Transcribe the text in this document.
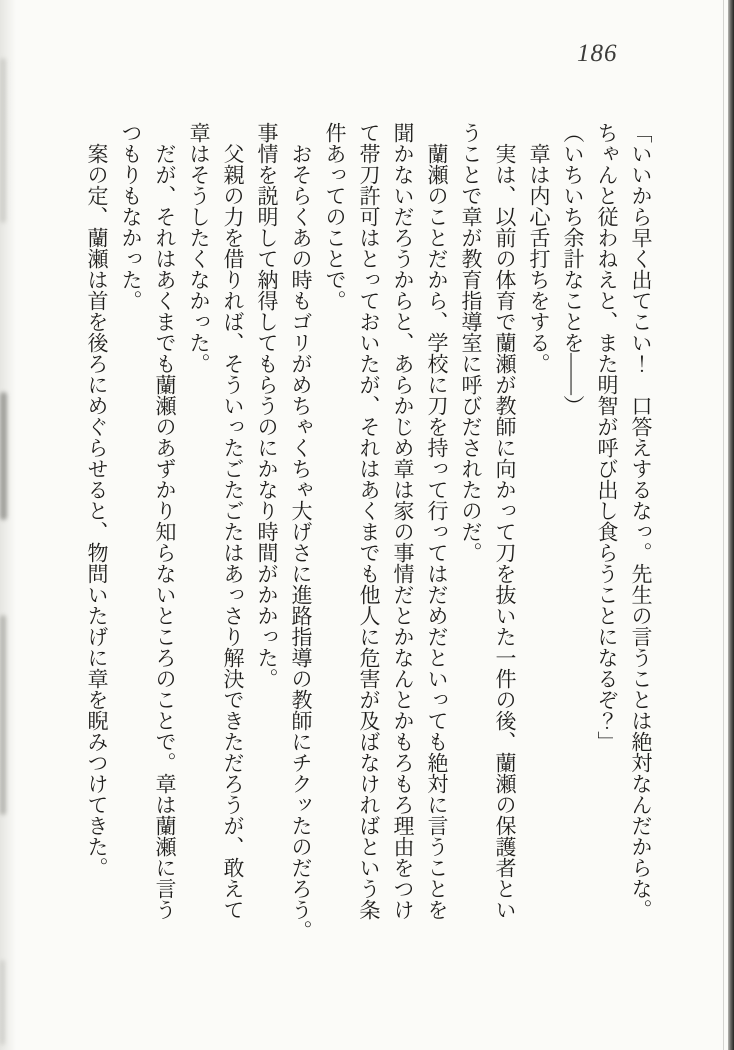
186
「いいから早く出てこい！　口答えするなっ。先生の言うことは絶対なんだからな。
ちゃんと従わねえと、また明智が呼び出し食らうことになるぞ？」
（いちいち余計なことを――）
　章は内心舌打ちをする。
　実は、以前の体育で蘭瀬が教師に向かって刀を抜いた一件の後、蘭瀬の保護者とい
うことで章が教育指導室に呼びだされたのだ。
　蘭瀬のことだから、学校に刀を持って行ってはだめだといっても絶対に言うことを
聞かないだろうからと、あらかじめ章は家の事情だとかなんとかもろもろ理由をつけ
て帯刀許可はとっておいたが、それはあくまでも他人に危害が及ばなければという条
件あってのことで。
　おそらくあの時もゴリがめちゃくちゃ大げさに進路指導の教師にチクッたのだろう。
事情を説明して納得してもらうのにかなり時間がかかった。
　父親の力を借りれば、そういったごたごたはあっさり解決できただろうが、敢えて
章はそうしたくなかった。
　だが、それはあくまでも蘭瀬のあずかり知らないところのことで。章は蘭瀬に言う
つもりもなかった。
　案の定、蘭瀬は首を後ろにめぐらせると、物問いたげに章を睨みつけてきた。
